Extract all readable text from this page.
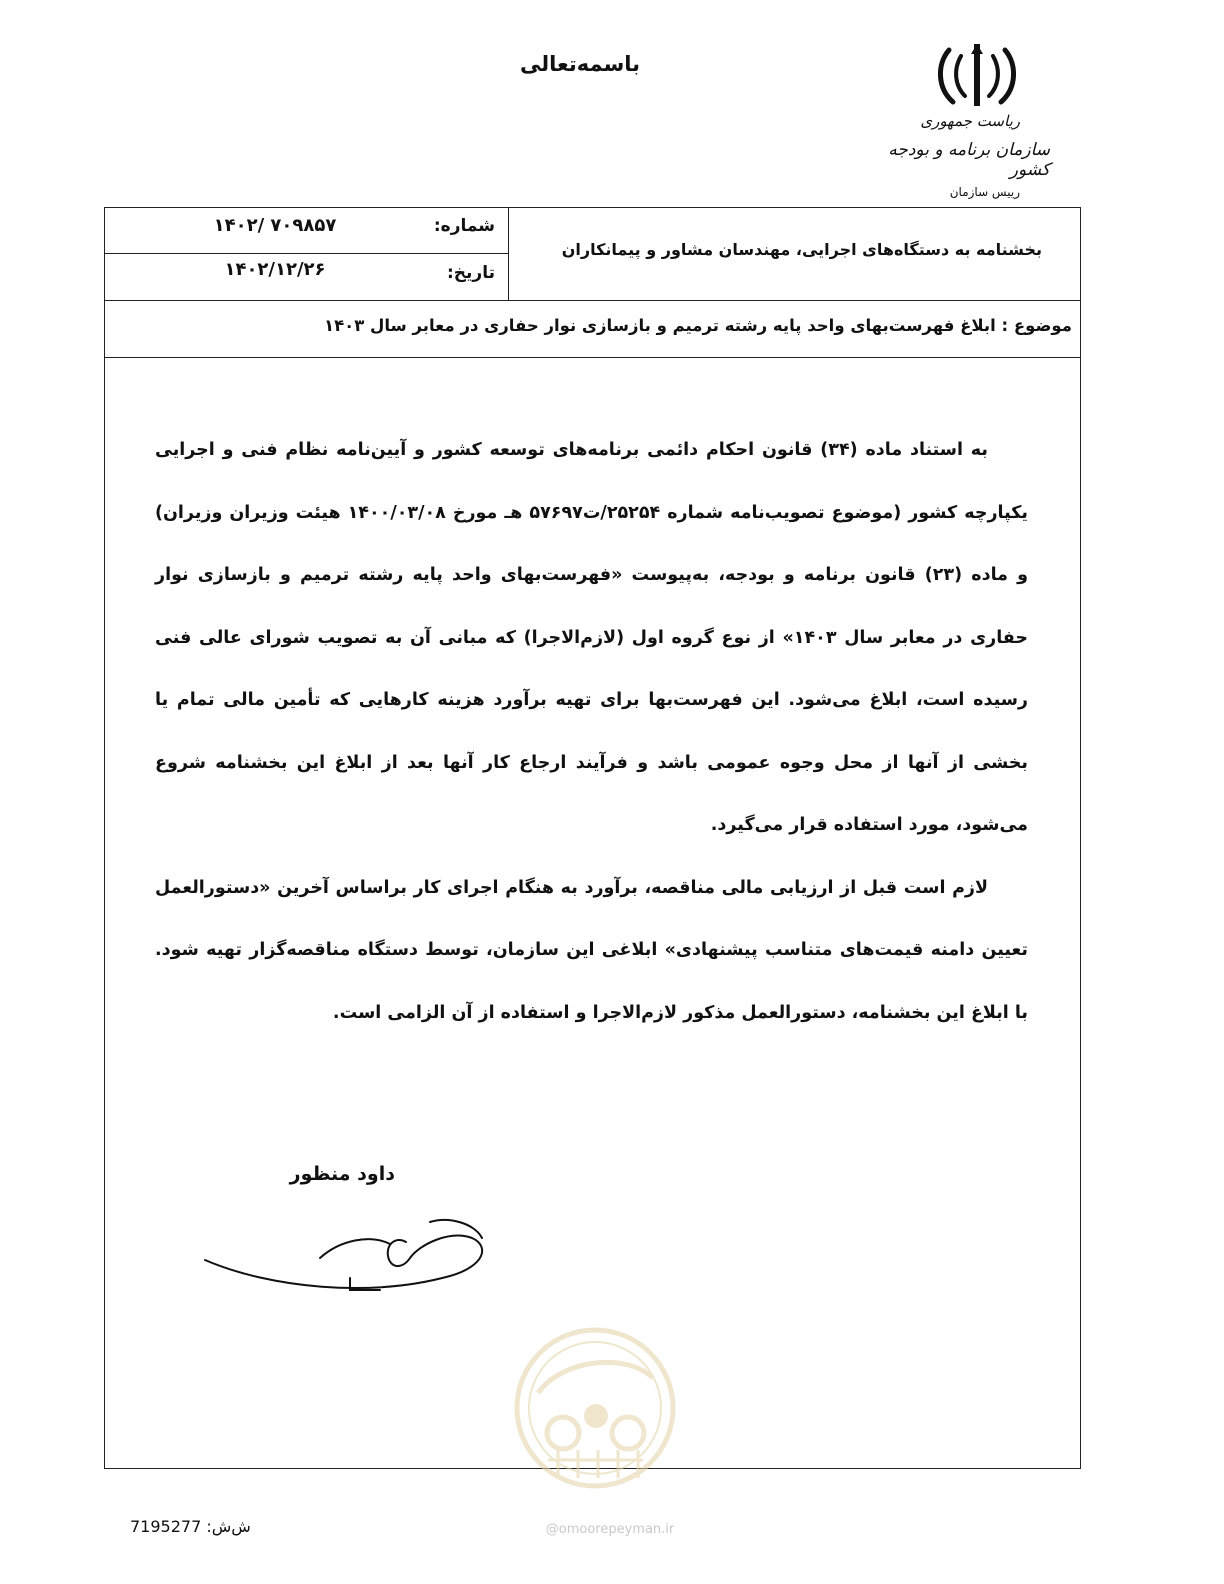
باسمه‌تعالی
ریاست جمهوری
سازمان برنامه و بودجه کشور
رییس سازمان
شماره:
۱۴۰۲/ ۷۰۹۸۵۷
تاریخ:
۱۴۰۲/۱۲/۲۶
بخشنامه به دستگاه‌های اجرایی، مهندسان مشاور و پیمانکاران
موضوع : ابلاغ فهرست‌بهای واحد پایه رشته ترمیم و بازسازی نوار حفاری در معابر سال ۱۴۰۳

به استناد ماده (۳۴) قانون احکام دائمی برنامه‌های توسعه کشور و آیین‌نامه نظام فنی و اجرایی یکپارچه کشور (موضوع تصویب‌نامه شماره ۲۵۲۵۴/ت۵۷۶۹۷ هـ مورخ ۱۴۰۰/۰۳/۰۸ هیئت وزیران وزیران) و ماده (۲۳) قانون برنامه و بودجه، به‌پیوست «فهرست‌بهای واحد پایه رشته ترمیم و بازسازی نوار حفاری در معابر سال ۱۴۰۳» از نوع گروه اول (لازم‌الاجرا) که مبانی آن به تصویب شورای عالی فنی رسیده است، ابلاغ می‌شود. این فهرست‌بها برای تهیه برآورد هزینه کارهایی که تأمین مالی تمام یا بخشی از آنها از محل وجوه عمومی باشد و فرآیند ارجاع کار آنها بعد از ابلاغ این بخشنامه شروع می‌شود، مورد استفاده قرار می‌گیرد.

لازم است قبل از ارزیابی مالی مناقصه، برآورد به هنگام اجرای کار براساس آخرین «دستورالعمل تعیین دامنه قیمت‌های متناسب پیشنهادی» ابلاغی این سازمان، توسط دستگاه مناقصه‌گزار تهیه شود. با ابلاغ این بخشنامه، دستورالعمل مذکور لازم‌الاجرا و استفاده از آن الزامی است.

داود منظور
@omoorepeyman.ir
ش‌ش: 7195277
